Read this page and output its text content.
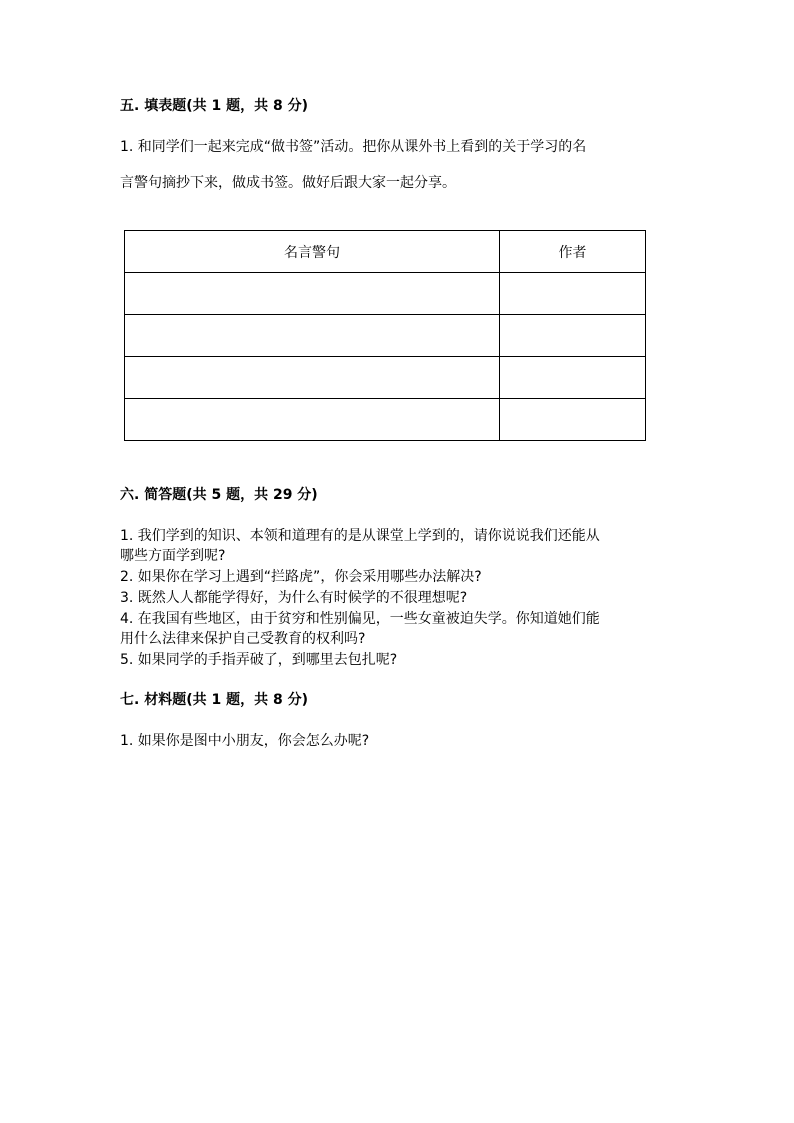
五. 填表题(共 1 题，共 8 分)
1. 和同学们一起来完成“做书签”活动。把你从课外书上看到的关于学习的名
言警句摘抄下来，做成书签。做好后跟大家一起分享。
名言警句	作者

六. 简答题(共 5 题，共 29 分)
1. 我们学到的知识、本领和道理有的是从课堂上学到的，请你说说我们还能从
哪些方面学到呢?
2. 如果你在学习上遇到“拦路虎”，你会采用哪些办法解决?
3. 既然人人都能学得好，为什么有时候学的不很理想呢?
4. 在我国有些地区，由于贫穷和性别偏见，一些女童被迫失学。你知道她们能
用什么法律来保护自己受教育的权利吗?
5. 如果同学的手指弄破了，到哪里去包扎呢?
七. 材料题(共 1 题，共 8 分)
1. 如果你是图中小朋友，你会怎么办呢?
